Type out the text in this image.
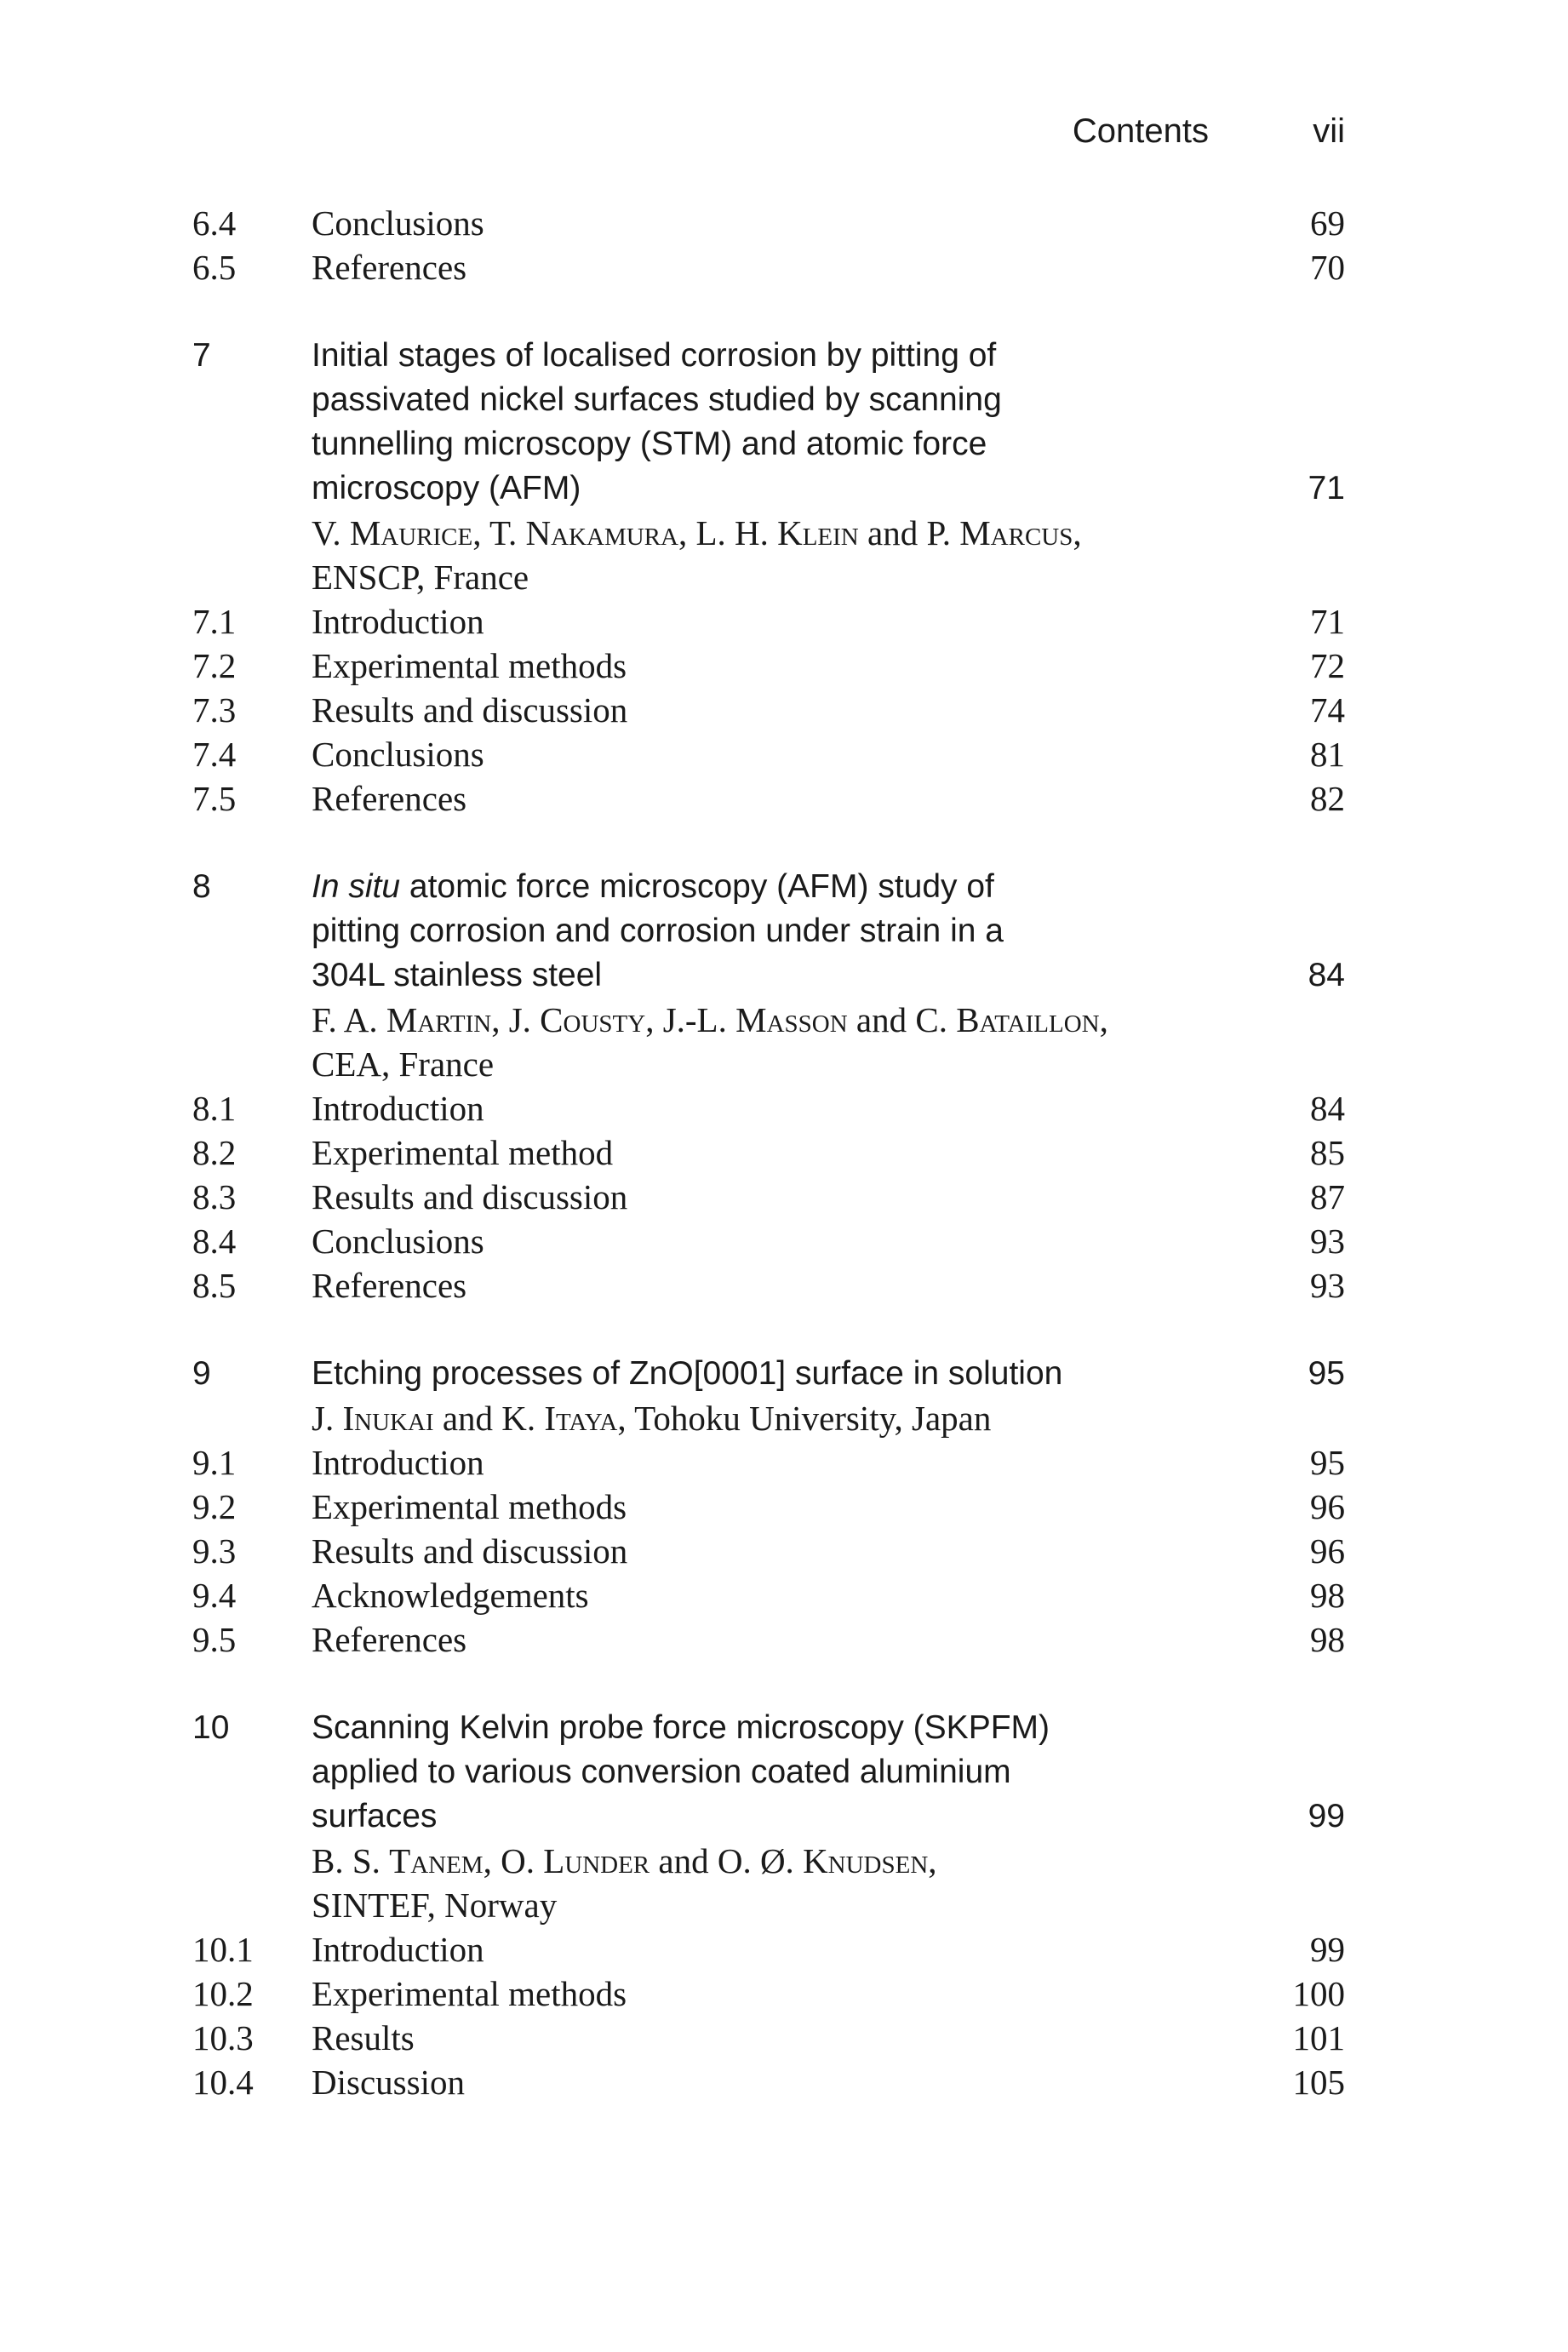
Contents	vii
6.4	Conclusions	69
6.5	References	70
7	Initial stages of localised corrosion by pitting of
passivated nickel surfaces studied by scanning
tunnelling microscopy (STM) and atomic force
microscopy (AFM)	71
V. Maurice, T. Nakamura, L. H. Klein and P. Marcus,
ENSCP, France
7.1	Introduction	71
7.2	Experimental methods	72
7.3	Results and discussion	74
7.4	Conclusions	81
7.5	References	82
8	In situ atomic force microscopy (AFM) study of
pitting corrosion and corrosion under strain in a
304L stainless steel	84
F. A. Martin, J. Cousty, J.-L. Masson and C. Bataillon,
CEA, France
8.1	Introduction	84
8.2	Experimental method	85
8.3	Results and discussion	87
8.4	Conclusions	93
8.5	References	93
9	Etching processes of ZnO[0001] surface in solution	95
J. Inukai and K. Itaya, Tohoku University, Japan
9.1	Introduction	95
9.2	Experimental methods	96
9.3	Results and discussion	96
9.4	Acknowledgements	98
9.5	References	98
10 Scanning Kelvin probe force microscopy (SKPFM)
applied to various conversion coated aluminium
surfaces	99
B. S. Tanem, O. Lunder and O. Ø. Knudsen,
SINTEF, Norway
10.1	Introduction	99
10.2	Experimental methods	100
10.3	Results	101
10.4	Discussion	105
